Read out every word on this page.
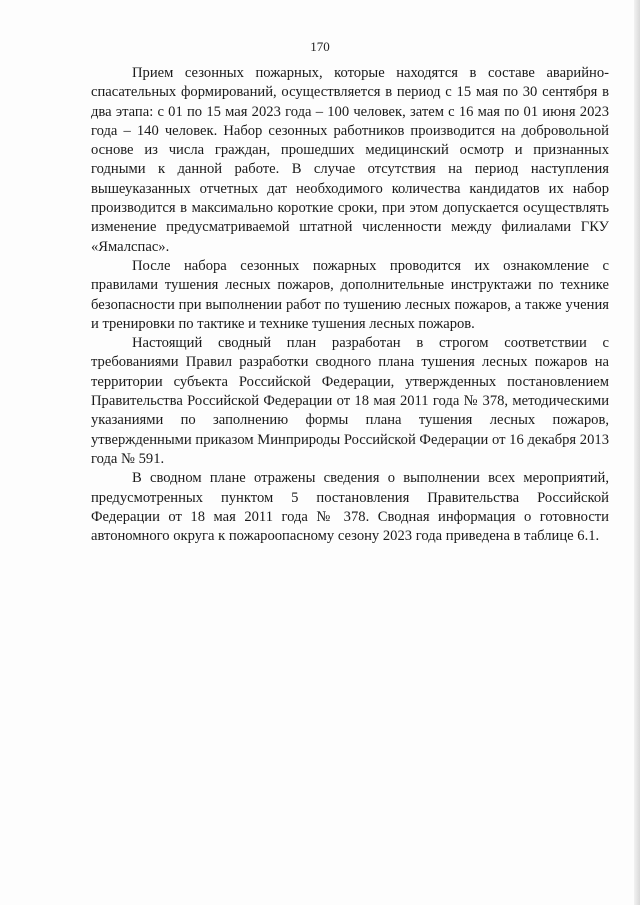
170

Прием сезонных пожарных, которые находятся в составе аварийно-спасательных формирований, осуществляется в период с 15 мая по 30 сентября в два этапа: с 01 по 15 мая 2023 года – 100 человек, затем с 16 мая по 01 июня 2023 года – 140 человек. Набор сезонных работников производится на добровольной основе из числа граждан, прошедших медицинский осмотр и признанных годными к данной работе. В случае отсутствия на период наступления вышеуказанных отчетных дат необходимого количества кандидатов их набор производится в максимально короткие сроки, при этом допускается осуществлять изменение предусматриваемой штатной численности между филиалами ГКУ «Ямалспас».

После набора сезонных пожарных проводится их ознакомление с правилами тушения лесных пожаров, дополнительные инструктажи по технике безопасности при выполнении работ по тушению лесных пожаров, а также учения и тренировки по тактике и технике тушения лесных пожаров.

Настоящий сводный план разработан в строгом соответствии с требованиями Правил разработки сводного плана тушения лесных пожаров на территории субъекта Российской Федерации, утвержденных постановлением Правительства Российской Федерации от 18 мая 2011 года № 378, методическими указаниями по заполнению формы плана тушения лесных пожаров, утвержденными приказом Минприроды Российской Федерации от 16 декабря 2013 года № 591.

В сводном плане отражены сведения о выполнении всех мероприятий, предусмотренных пунктом 5 постановления Правительства Российской Федерации от 18 мая 2011 года № 378. Сводная информация о готовности автономного округа к пожароопасному сезону 2023 года приведена в таблице 6.1.
